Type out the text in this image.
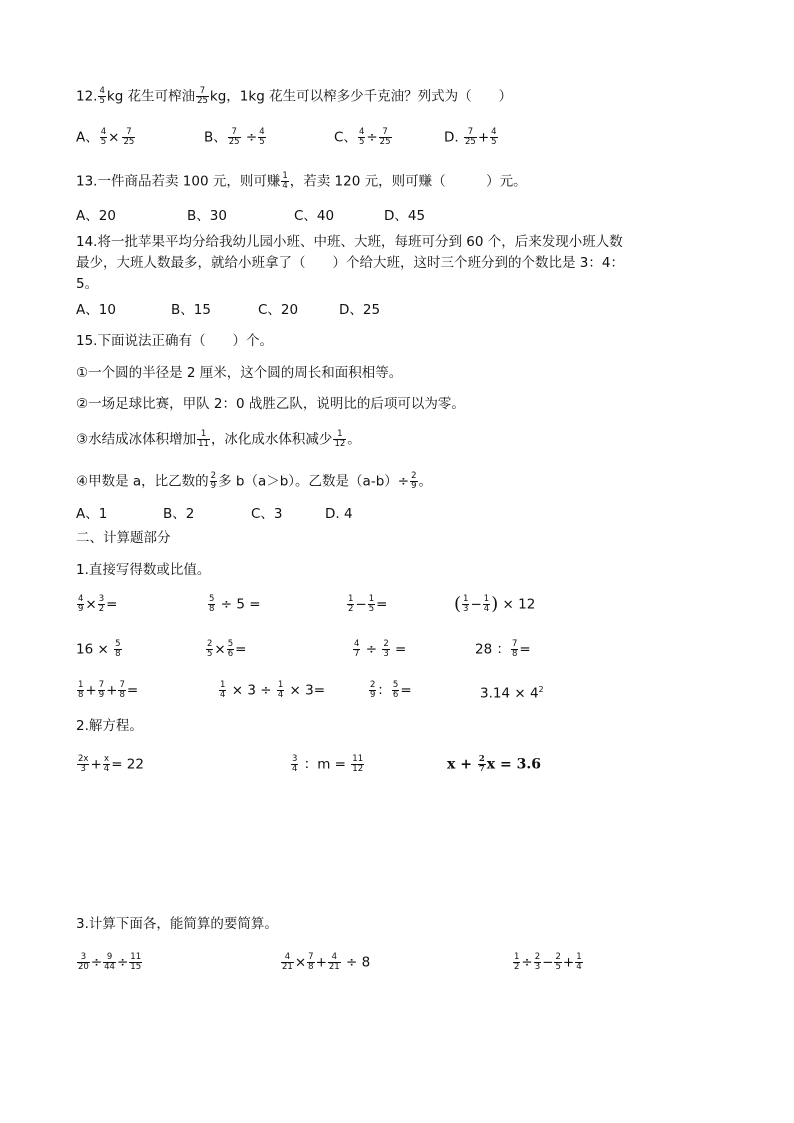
12. $\frac{4}{5}$ kg 花生可榨油 $\frac{7}{25}$ kg，1kg 花生可以榨多少千克油？列式为（　　）
A、 $\frac{4}{5} \times \frac{7}{25}$	B、 $\frac{7}{25} \div \frac{4}{5}$	C、 $\frac{4}{5} \div \frac{7}{25}$	D. $\frac{7}{25} + \frac{4}{5}$
13.一件商品若卖 100 元，则可赚 $\frac{1}{4}$ ，若卖 120 元，则可赚（　　　）元。
A、20	B、30	C、40	D、45
14.将一批苹果平均分给我幼儿园小班、中班、大班，每班可分到 60 个，后来发现小班人数
最少，大班人数最多，就给小班拿了（　　）个给大班，这时三个班分到的个数比是 3：4：
5。
A、10	B、15	C、20	D、25
15.下面说法正确有（　　）个。
①一个圆的半径是 2 厘米，这个圆的周长和面积相等。
②一场足球比赛，甲队 2：0 战胜乙队，说明比的后项可以为零。
③水结成冰体积增加 $\frac{1}{11}$ ，冰化成水体积减少 $\frac{1}{12}$ 。
④甲数是 a，比乙数的 $\frac{2}{9}$ 多 b（a＞b）。乙数是$(a-b)\div \frac{2}{9}$ 。
A、1	B、2	C、3	D. 4
二、计算题部分
1.直接写得数或比值。
$\frac{4}{9} \times \frac{3}{2}$ =	$\frac{5}{8} \div 5$ =	$\frac{1}{2} - \frac{1}{5}$ =	( $\frac{1}{3} - \frac{1}{4}$ ) × 12
$16 \times \frac{5}{8}$	$\frac{2}{5} \times \frac{5}{6}$ =	$\frac{4}{7} \div \frac{2}{3}$ =	28 ： $\frac{7}{8}$ =
$\frac{1}{8} + \frac{7}{9} + \frac{7}{8}$ =	$\frac{1}{4} \times 3 \div \frac{1}{4} \times 3=$	$\frac{2}{9}$ ： $\frac{5}{6}$ =	$3.14 \times 4^2$
2.解方程。
$\frac{2x}{3} + \frac{x}{4} = 22$	$\frac{3}{4}$ ：$m = \frac{11}{12}$	$x + \frac{2}{7}$ x = 3.6
3.计算下面各，能简算的要简算。
$\frac{3}{20} \div \frac{9}{44} \div \frac{11}{15}$	$\frac{4}{21} \times \frac{7}{8} + \frac{4}{21} \div 8$	$\frac{1}{2} \div \frac{2}{3} - \frac{2}{5} + \frac{1}{4}$
